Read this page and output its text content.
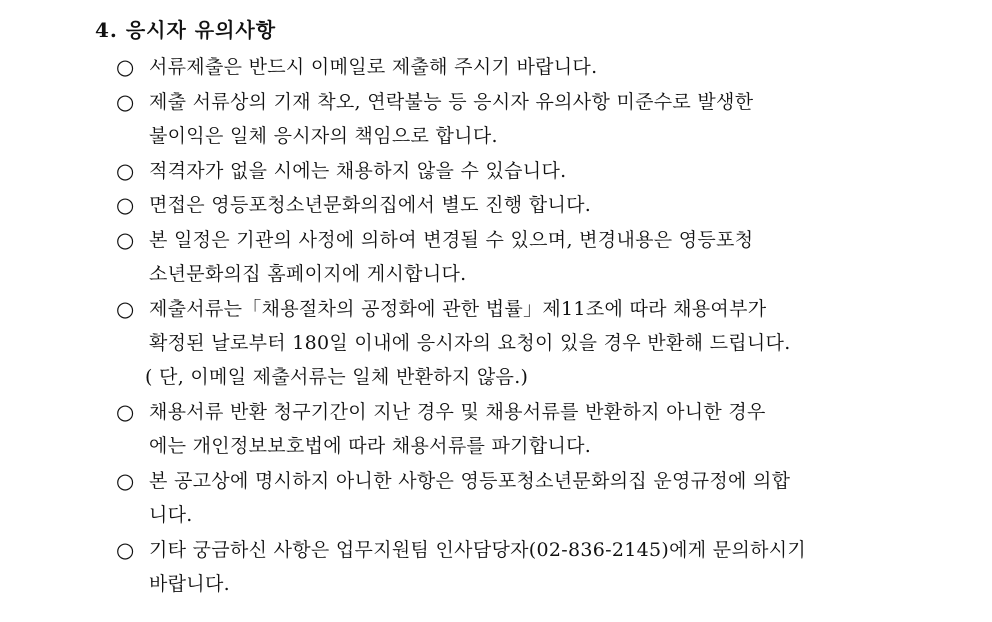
4. 응시자 유의사항
○ 서류제출은 반드시 이메일로 제출해 주시기 바랍니다.
○ 제출 서류상의 기재 착오, 연락불능 등 응시자 유의사항 미준수로 발생한
불이익은 일체 응시자의 책임으로 합니다.
○ 적격자가 없을 시에는 채용하지 않을 수 있습니다.
○ 면접은 영등포청소년문화의집에서 별도 진행 합니다.
○ 본 일정은 기관의 사정에 의하여 변경될 수 있으며, 변경내용은 영등포청
소년문화의집 홈페이지에 게시합니다.
○ 제출서류는「채용절차의 공정화에 관한 법률」제11조에 따라 채용여부가
확정된 날로부터 180일 이내에 응시자의 요청이 있을 경우 반환해 드립니다.
( 단, 이메일 제출서류는 일체 반환하지 않음.)
○ 채용서류 반환 청구기간이 지난 경우 및 채용서류를 반환하지 아니한 경우
에는 개인정보보호법에 따라 채용서류를 파기합니다.
○ 본 공고상에 명시하지 아니한 사항은 영등포청소년문화의집 운영규정에 의합
니다.
○ 기타 궁금하신 사항은 업무지원팀 인사담당자(02-836-2145)에게 문의하시기
바랍니다.
